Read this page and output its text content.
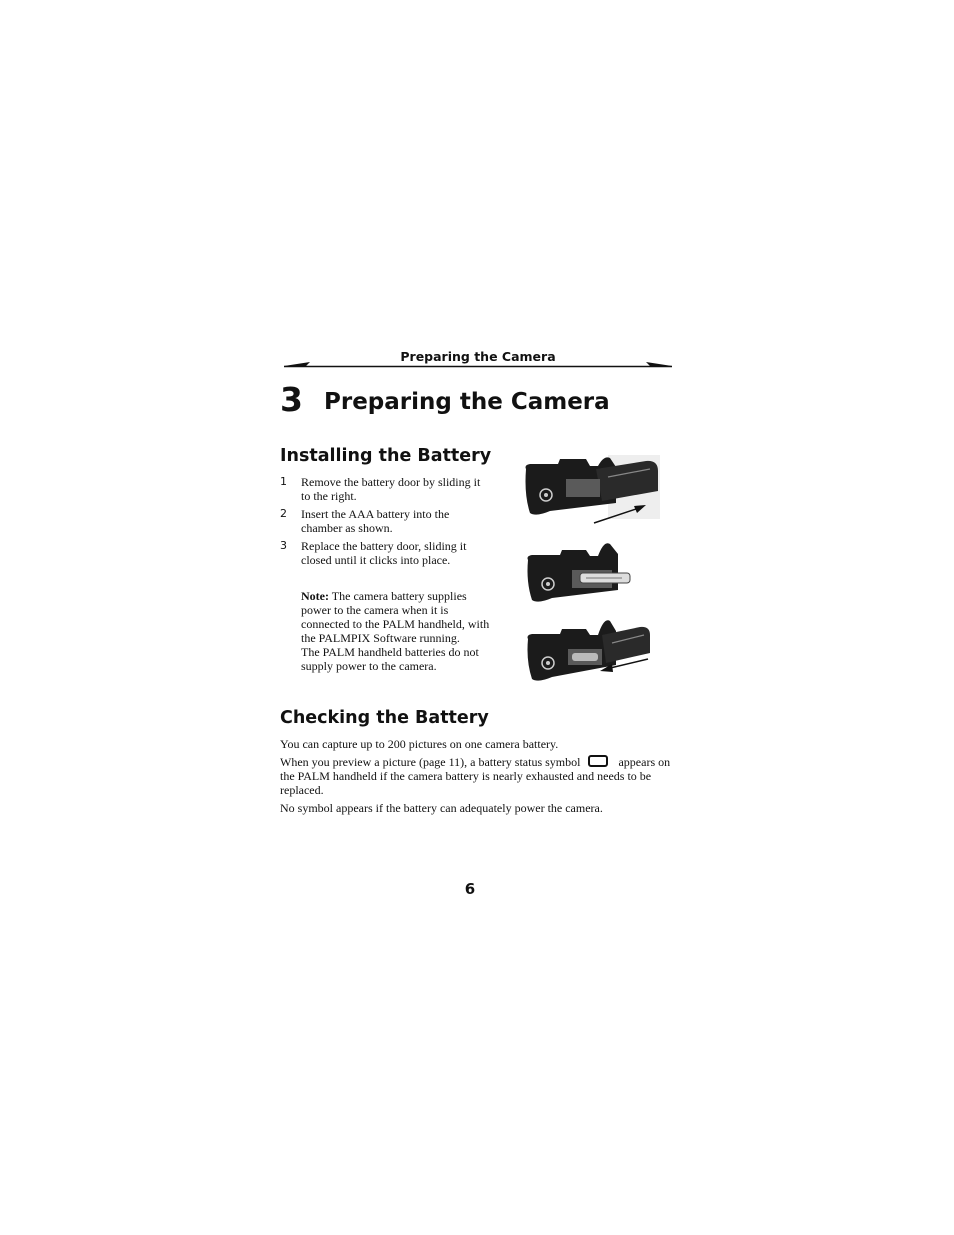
Preparing the Camera
3 Preparing the Camera
Installing the Battery
1 Remove the battery door by sliding it to the right.
2 Insert the AAA battery into the chamber as shown.
3 Replace the battery door, sliding it closed until it clicks into place.
Note: The camera battery supplies power to the camera when it is connected to the PALM handheld, with the PALMPIX Software running.
The PALM handheld batteries do not supply power to the camera.
Checking the Battery
You can capture up to 200 pictures on one camera battery.
When you preview a picture (page 11), a battery status symbol	appears on the PALM handheld if the camera battery is nearly exhausted and needs to be replaced.
No symbol appears if the battery can adequately power the camera.
6
